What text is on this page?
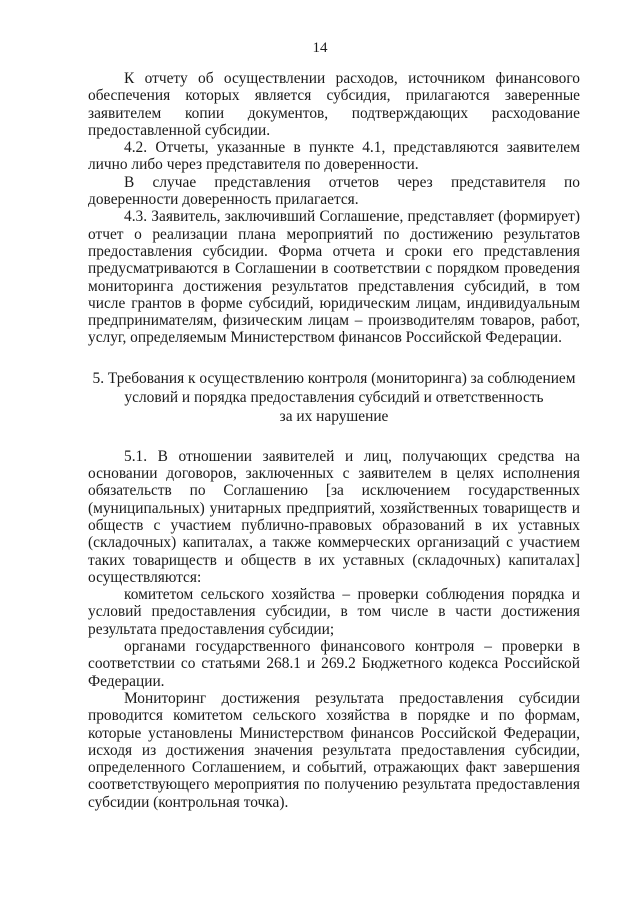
14

К отчету об осуществлении расходов, источником финансового обеспечения которых является субсидия, прилагаются заверенные заявителем копии документов, подтверждающих расходование предоставленной субсидии.

4.2. Отчеты, указанные в пункте 4.1, представляются заявителем лично либо через представителя по доверенности.

В случае представления отчетов через представителя по доверенности доверенность прилагается.

4.3. Заявитель, заключивший Соглашение, представляет (формирует) отчет о реализации плана мероприятий по достижению результатов предоставления субсидии. Форма отчета и сроки его представления предусматриваются в Соглашении в соответствии с порядком проведения мониторинга достижения результатов представления субсидий, в том числе грантов в форме субсидий, юридическим лицам, индивидуальным предпринимателям, физическим лицам – производителям товаров, работ, услуг, определяемым Министерством финансов Российской Федерации.

5. Требования к осуществлению контроля (мониторинга) за соблюдением
условий и порядка предоставления субсидий и ответственность
за их нарушение

5.1. В отношении заявителей и лиц, получающих средства на основании договоров, заключенных с заявителем в целях исполнения обязательств по Соглашению [за исключением государственных (муниципальных) унитарных предприятий, хозяйственных товариществ и обществ с участием публично-правовых образований в их уставных (складочных) капиталах, а также коммерческих организаций с участием таких товариществ и обществ в их уставных (складочных) капиталах] осуществляются:

комитетом сельского хозяйства – проверки соблюдения порядка и условий предоставления субсидии, в том числе в части достижения результата предоставления субсидии;

органами государственного финансового контроля – проверки в соответствии со статьями 268.1 и 269.2 Бюджетного кодекса Российской Федерации.

Мониторинг достижения результата предоставления субсидии проводится комитетом сельского хозяйства в порядке и по формам, которые установлены Министерством финансов Российской Федерации, исходя из достижения значения результата предоставления субсидии, определенного Соглашением, и событий, отражающих факт завершения соответствующего мероприятия по получению результата предоставления субсидии (контрольная точка).
